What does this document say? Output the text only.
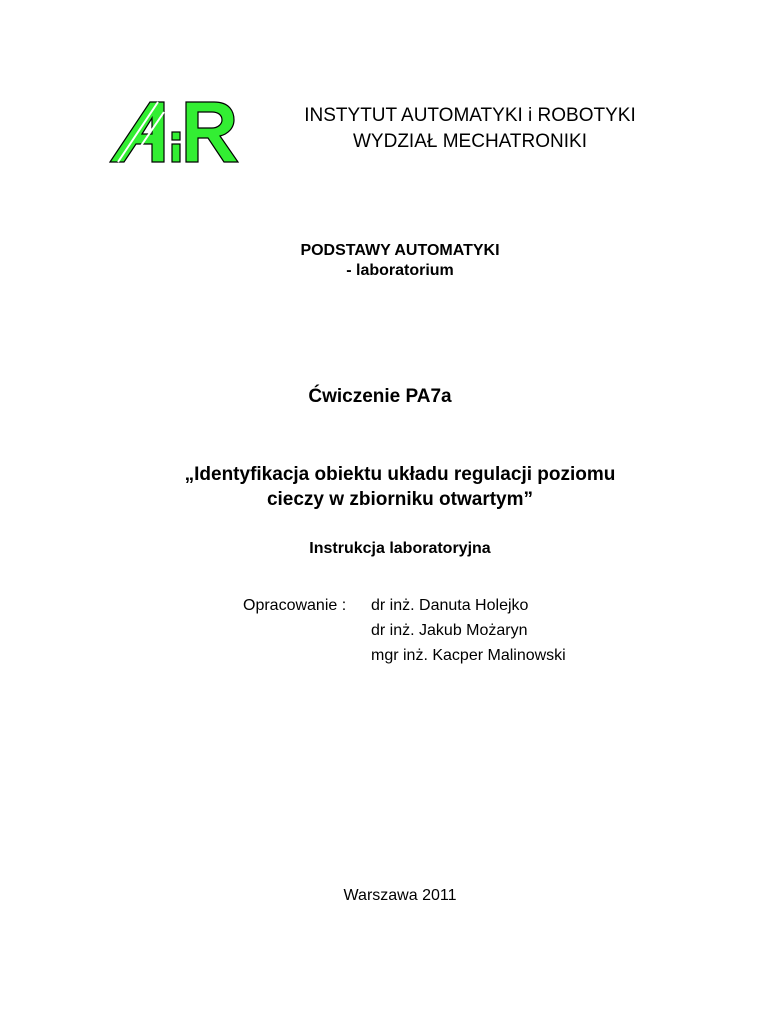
INSTYTUT AUTOMATYKI i ROBOTYKI
WYDZIAŁ MECHATRONIKI
PODSTAWY AUTOMATYKI
- laboratorium
Ćwiczenie PA7a
„Identyfikacja obiektu układu regulacji poziomu
cieczy w zbiorniku otwartym”
Instrukcja laboratoryjna
Opracowanie : dr inż. Danuta Holejko
dr inż. Jakub Możaryn
mgr inż. Kacper Malinowski
Warszawa 2011
